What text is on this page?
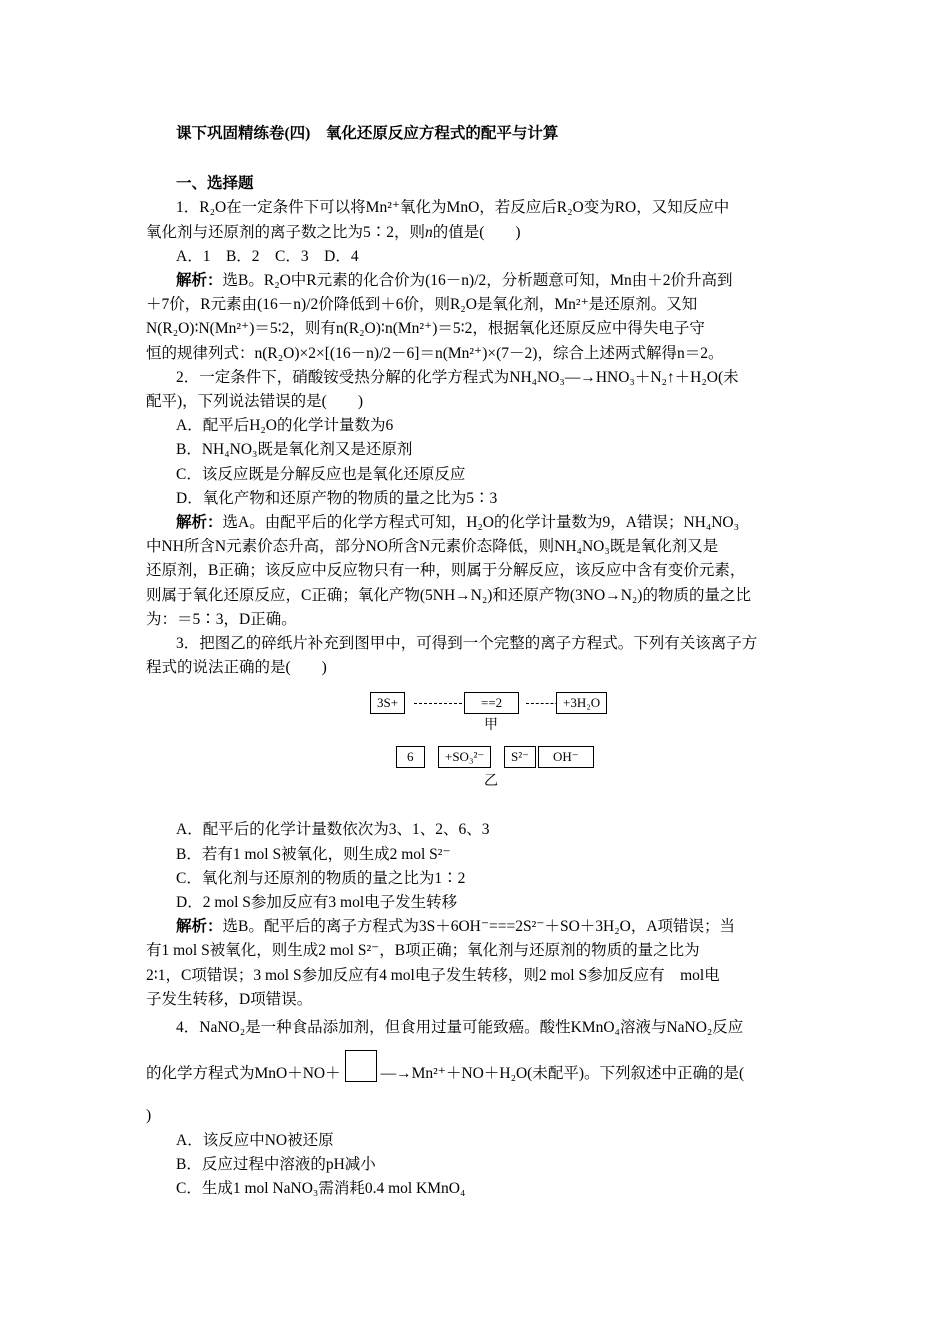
课下巩固精练卷(四)　氧化还原反应方程式的配平与计算
一、选择题
1．R₂O在一定条件下可以将Mn²⁺氧化为MnO，若反应后R₂O变为RO，又知反应中
氧化剂与还原剂的离子数之比为5∶2，则n的值是(　　)
A．1　B．2　C．3　D．4
解析：选B。R₂O中R元素的化合价为(16－n)/2，分析题意可知，Mn由＋2价升高到
＋7价，R元素由(16－n)/2价降低到＋6价，则R₂O是氧化剂，Mn²⁺是还原剂。又知
N(R₂O)∶N(Mn²⁺)＝5∶2，则有n(R₂O)∶n(Mn²⁺)＝5∶2，根据氧化还原反应中得失电子守
恒的规律列式：n(R₂O)×2×[(16－n)/2－6]＝n(Mn²⁺)×(7－2)，综合上述两式解得n＝2。
2．一定条件下，硝酸铵受热分解的化学方程式为NH₄NO₃―→HNO₃＋N₂↑＋H₂O(未
配平)，下列说法错误的是(　　)
A．配平后H₂O的化学计量数为6
B．NH₄NO₃既是氧化剂又是还原剂
C．该反应既是分解反应也是氧化还原反应
D．氧化产物和还原产物的物质的量之比为5∶3
解析：选A。由配平后的化学方程式可知，H₂O的化学计量数为9，A错误；NH₄NO₃
中NH所含N元素价态升高，部分NO所含N元素价态降低，则NH₄NO₃既是氧化剂又是
还原剂，B正确；该反应中反应物只有一种，则属于分解反应，该反应中含有变价元素，
则属于氧化还原反应，C正确；氧化产物(5NH→N₂)和还原产物(3NO→N₂)的物质的量之比
为：＝5∶3，D正确。
3．把图乙的碎纸片补充到图甲中，可得到一个完整的离子方程式。下列有关该离子方
程式的说法正确的是(　　)
3S+	==2	+3H₂O
甲
6	+SO₃²⁻	S²⁻	OH⁻
乙
A．配平后的化学计量数依次为3、1、2、6、3
B．若有1 mol S被氧化，则生成2 mol S²⁻
C．氧化剂与还原剂的物质的量之比为1∶2
D．2 mol S参加反应有3 mol电子发生转移
解析：选B。配平后的离子方程式为3S＋6OH⁻===2S²⁻＋SO＋3H₂O，A项错误；当
有1 mol S被氧化，则生成2 mol S²⁻，B项正确；氧化剂与还原剂的物质的量之比为
2∶1，C项错误；3 mol S参加反应有4 mol电子发生转移，则2 mol S参加反应有　mol电
子发生转移，D项错误。
4．NaNO₂是一种食品添加剂，但食用过量可能致癌。酸性KMnO₄溶液与NaNO₂反应
的化学方程式为MnO＋NO＋	―→Mn²⁺＋NO＋H₂O(未配平)。下列叙述中正确的是(
)
A．该反应中NO被还原
B．反应过程中溶液的pH减小
C．生成1 mol NaNO₃需消耗0.4 mol KMnO₄
